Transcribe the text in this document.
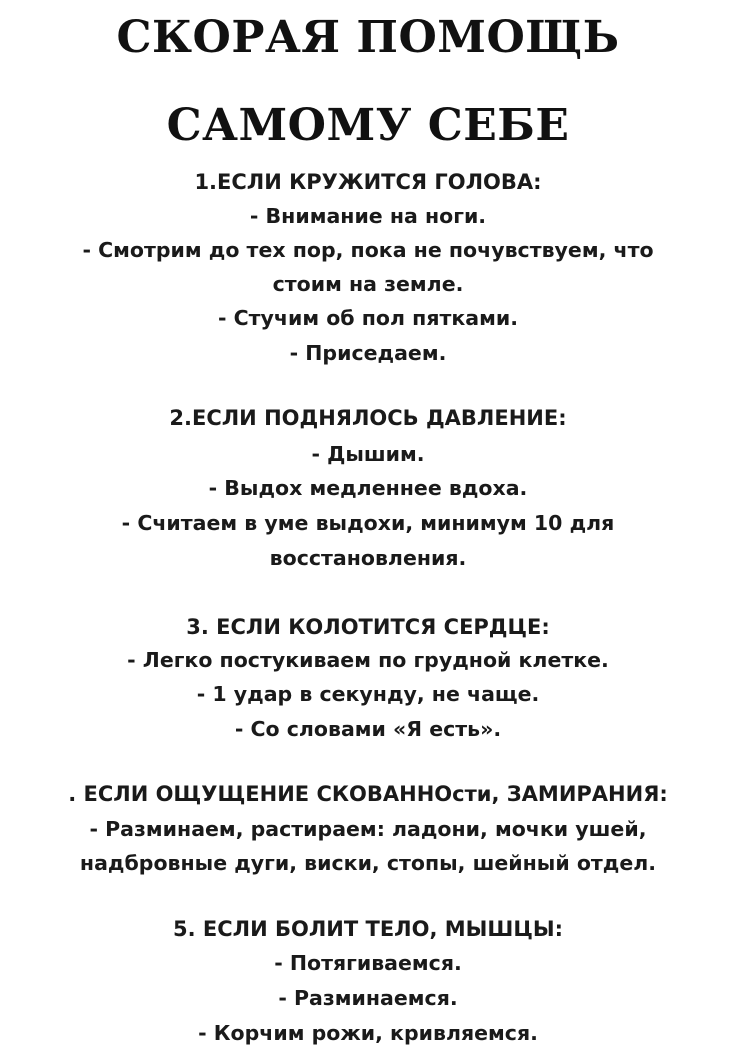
СКОРАЯ ПОМОЩЬ
САМОМУ СЕБЕ
1.ЕСЛИ КРУЖИТСЯ ГОЛОВА:
- Внимание на ноги.
- Смотрим до тех пор, пока не почувствуем, что
стоим на земле.
- Стучим об пол пятками.
- Приседаем.
2.ЕСЛИ ПОДНЯЛОСЬ ДАВЛЕНИЕ:
- Дышим.
- Выдох медленнее вдоха.
- Считаем в уме выдохи, минимум 10 для
восстановления.
3. ЕСЛИ КОЛОТИТСЯ СЕРДЦЕ:
- Легко постукиваем по грудной клетке.
- 1 удар в секунду, не чаще.
- Со словами «Я есть».
. ЕСЛИ ОЩУЩЕНИЕ СКОВАННОсти, ЗАМИРАНИЯ:
- Разминаем, растираем: ладони, мочки ушей,
надбровные дуги, виски, стопы, шейный отдел.
5. ЕСЛИ БОЛИТ ТЕЛО, МЫШЦЫ:
- Потягиваемся.
- Разминаемся.
- Корчим рожи, кривляемся.
